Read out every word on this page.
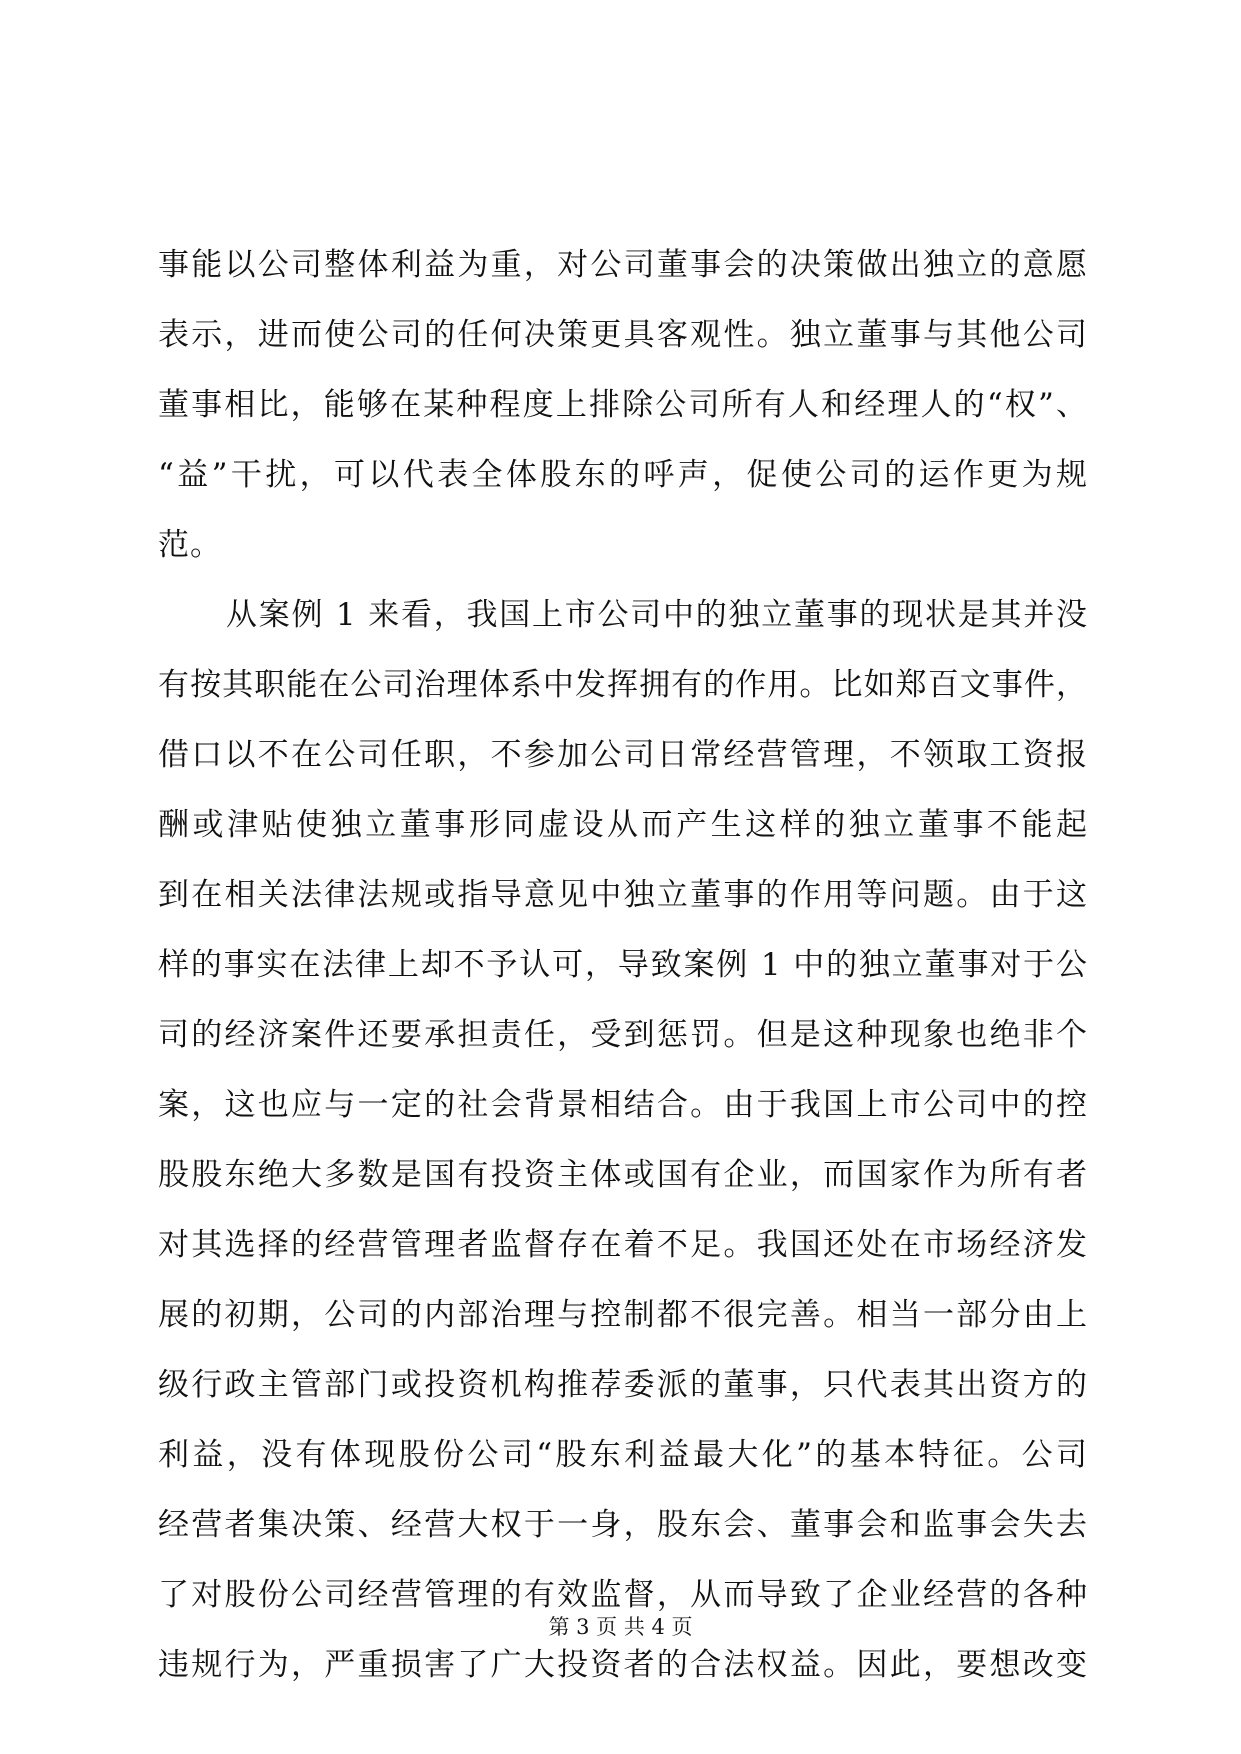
事能以公司整体利益为重，对公司董事会的决策做出独立的意愿
表示，进而使公司的任何决策更具客观性。独立董事与其他公司
董事相比，能够在某种程度上排除公司所有人和经理人的“权”、
“益”干扰，可以代表全体股东的呼声，促使公司的运作更为规
范。
从案例 1 来看，我国上市公司中的独立董事的现状是其并没
有按其职能在公司治理体系中发挥拥有的作用。比如郑百文事件，
借口以不在公司任职，不参加公司日常经营管理，不领取工资报
酬或津贴使独立董事形同虚设从而产生这样的独立董事不能起
到在相关法律法规或指导意见中独立董事的作用等问题。由于这
样的事实在法律上却不予认可，导致案例 1 中的独立董事对于公
司的经济案件还要承担责任，受到惩罚。但是这种现象也绝非个
案，这也应与一定的社会背景相结合。由于我国上市公司中的控
股股东绝大多数是国有投资主体或国有企业，而国家作为所有者
对其选择的经营管理者监督存在着不足。我国还处在市场经济发
展的初期，公司的内部治理与控制都不很完善。相当一部分由上
级行政主管部门或投资机构推荐委派的董事，只代表其出资方的
利益，没有体现股份公司“股东利益最大化”的基本特征。公司
经营者集决策、经营大权于一身，股东会、董事会和监事会失去
了对股份公司经营管理的有效监督，从而导致了企业经营的各种
违规行为，严重损害了广大投资者的合法权益。因此，要想改变
第 3 页 共 4 页
